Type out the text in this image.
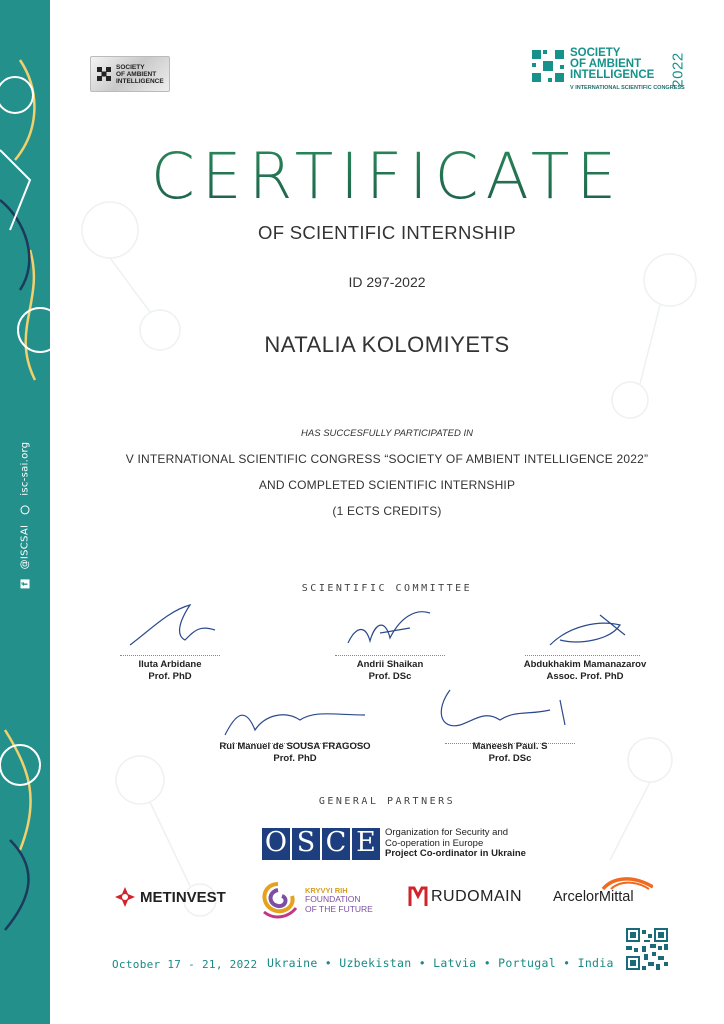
f
@ISCSAI
isc-sai.org
SOCIETY
OF AMBIENT
INTELLIGENCE
SOCIETY
OF AMBIENT
INTELLIGENCE 2022
V INTERNATIONAL SCIENTIFIC CONGRESS
CERTIFICATE
OF SCIENTIFIC INTERNSHIP
ID 297-2022
NATALIA KOLOMIYETS
HAS SUCCESFULLY PARTICIPATED IN
V INTERNATIONAL SCIENTIFIC CONGRESS “SOCIETY OF AMBIENT INTELLIGENCE 2022”
AND COMPLETED SCIENTIFIC INTERNSHIP
(1 ECTS CREDITS)
SCIENTIFIC COMMITTEE
Iluta Arbidane
Prof. PhD
Andrii Shaikan
Prof. DSc
Abdukhakim Mamanazarov
Assoc. Prof. PhD
Rui Manuel de SOUSA FRAGOSO
Prof. PhD
Maneesh Paul. S
Prof. DSc
GENERAL PARTNERS
O S C E Organization for Security and
Co-operation in Europe
Project Co-ordinator in Ukraine
METINVEST	KRYVYI RIH
FOUNDATION
OF THE FUTURE
RUDOMAIN ArcelorMittal
October 17 - 21, 2022 Ukraine • Uzbekistan • Latvia • Portugal • India
